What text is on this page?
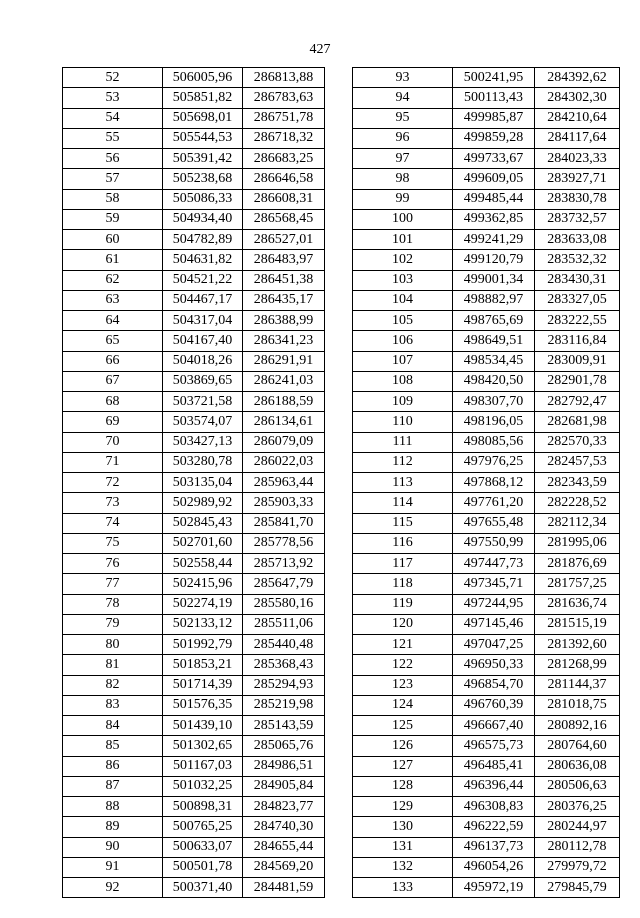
427
52	506005,96	286813,88
53	505851,82	286783,63
54	505698,01	286751,78
55	505544,53	286718,32
56	505391,42	286683,25
57	505238,68	286646,58
58	505086,33	286608,31
59	504934,40	286568,45
60	504782,89	286527,01
61	504631,82	286483,97
62	504521,22	286451,38
63	504467,17	286435,17
64	504317,04	286388,99
65	504167,40	286341,23
66	504018,26	286291,91
67	503869,65	286241,03
68	503721,58	286188,59
69	503574,07	286134,61
70	503427,13	286079,09
71	503280,78	286022,03
72	503135,04	285963,44
73	502989,92	285903,33
74	502845,43	285841,70
75	502701,60	285778,56
76	502558,44	285713,92
77	502415,96	285647,79
78	502274,19	285580,16
79	502133,12	285511,06
80	501992,79	285440,48
81	501853,21	285368,43
82	501714,39	285294,93
83	501576,35	285219,98
84	501439,10	285143,59
85	501302,65	285065,76
86	501167,03	284986,51
87	501032,25	284905,84
88	500898,31	284823,77
89	500765,25	284740,30
90	500633,07	284655,44
91	500501,78	284569,20
92	500371,40	284481,59
93	500241,95	284392,62
94	500113,43	284302,30
95	499985,87	284210,64
96	499859,28	284117,64
97	499733,67	284023,33
98	499609,05	283927,71
99	499485,44	283830,78
100	499362,85	283732,57
101	499241,29	283633,08
102	499120,79	283532,32
103	499001,34	283430,31
104	498882,97	283327,05
105	498765,69	283222,55
106	498649,51	283116,84
107	498534,45	283009,91
108	498420,50	282901,78
109	498307,70	282792,47
110	498196,05	282681,98
111	498085,56	282570,33
112	497976,25	282457,53
113	497868,12	282343,59
114	497761,20	282228,52
115	497655,48	282112,34
116	497550,99	281995,06
117	497447,73	281876,69
118	497345,71	281757,25
119	497244,95	281636,74
120	497145,46	281515,19
121	497047,25	281392,60
122	496950,33	281268,99
123	496854,70	281144,37
124	496760,39	281018,75
125	496667,40	280892,16
126	496575,73	280764,60
127	496485,41	280636,08
128	496396,44	280506,63
129	496308,83	280376,25
130	496222,59	280244,97
131	496137,73	280112,78
132	496054,26	279979,72
133	495972,19	279845,79
